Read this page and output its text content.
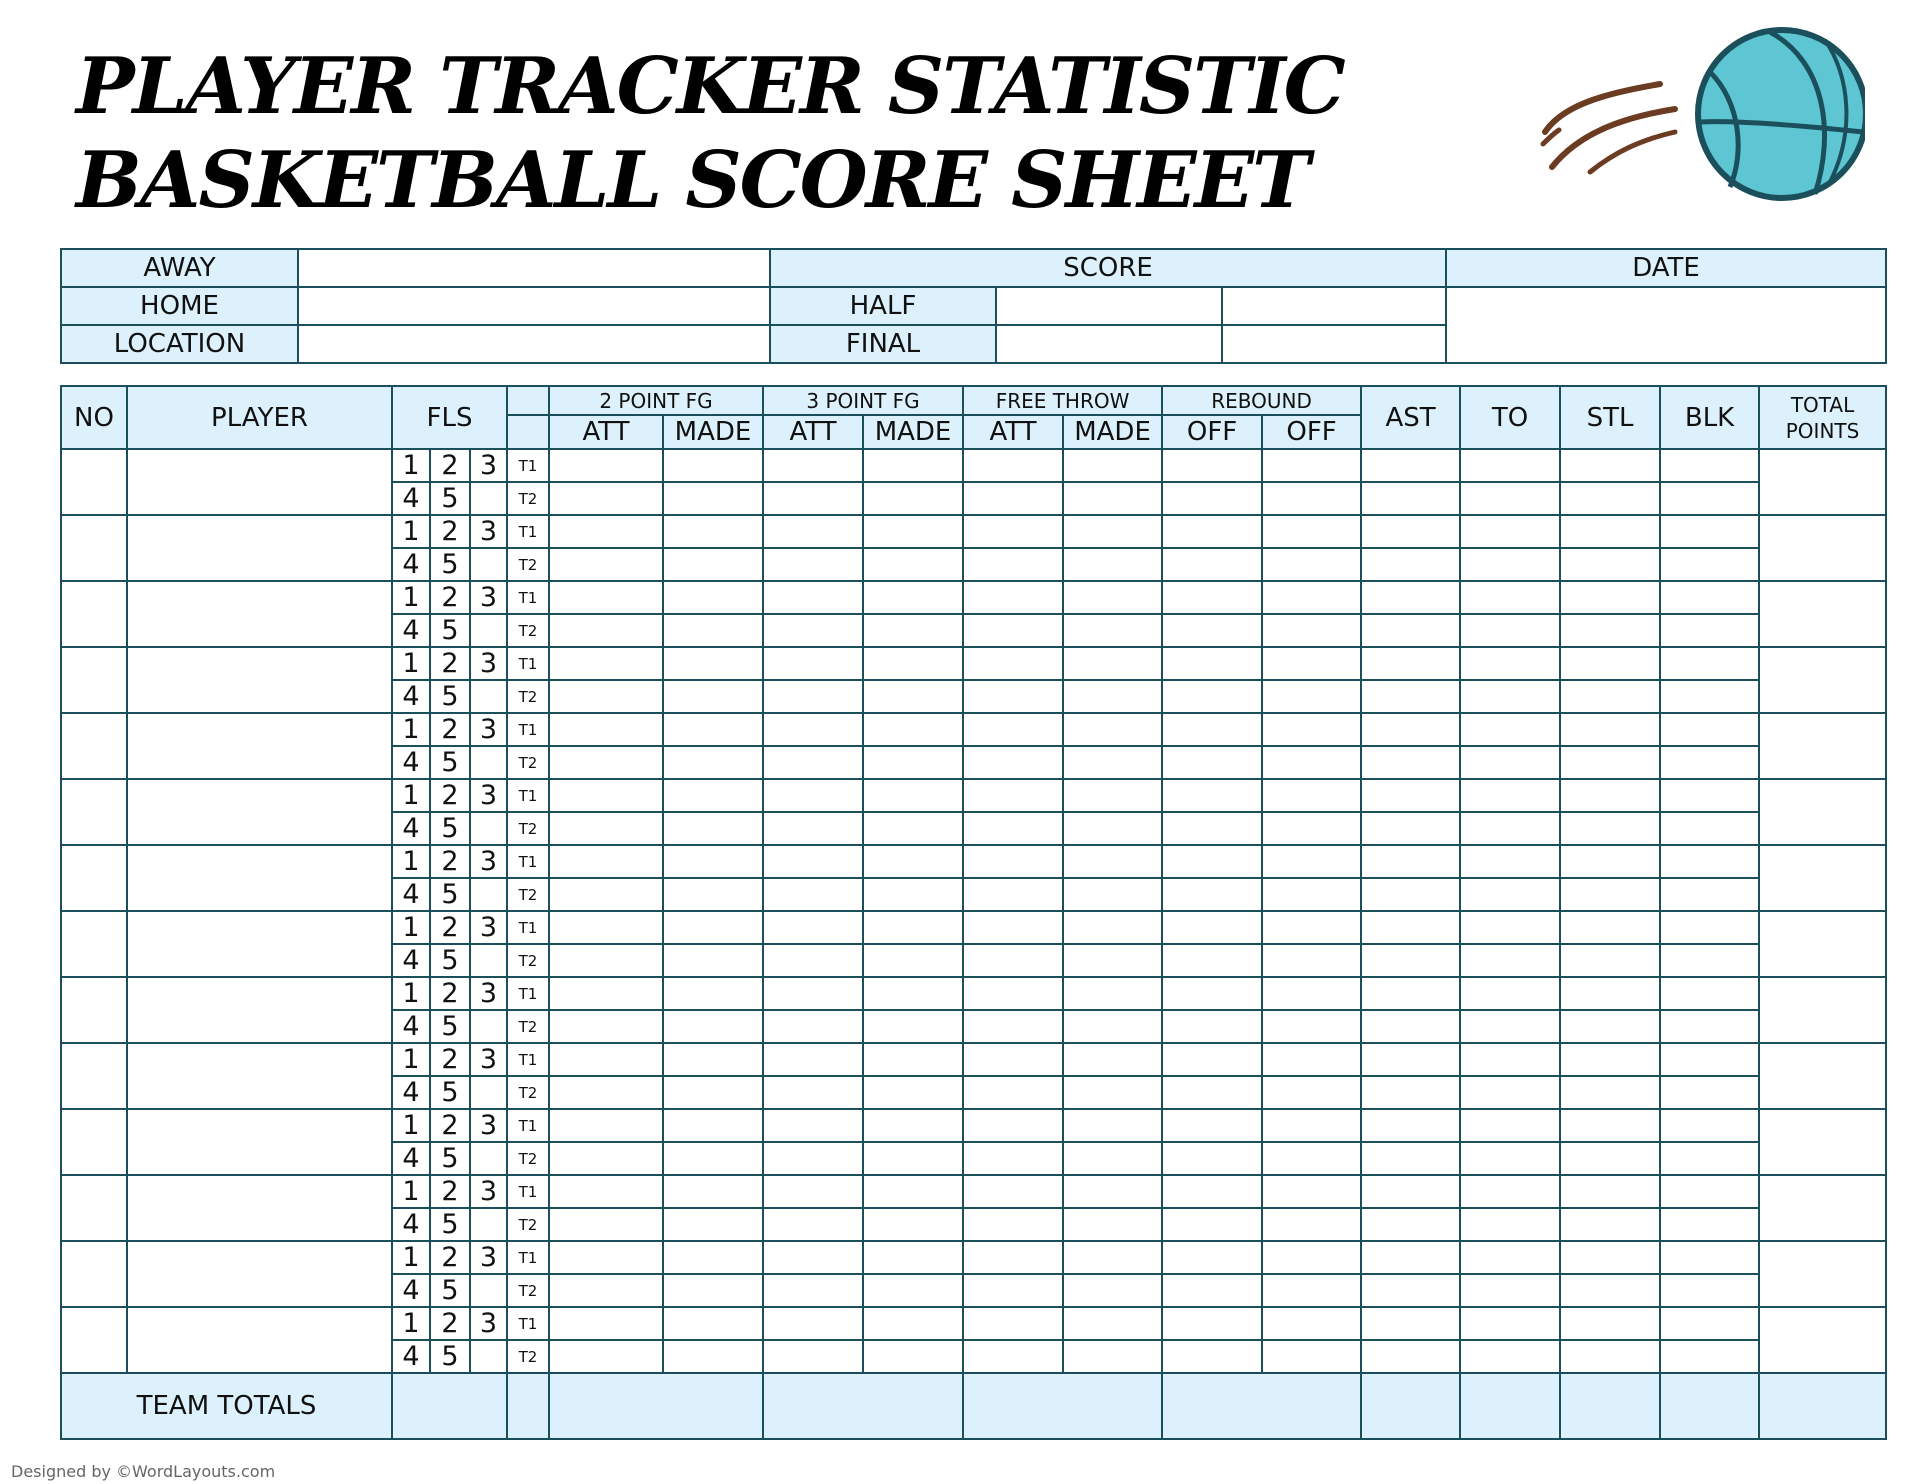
PLAYER TRACKER STATISTIC
BASKETBALL SCORE SHEET
AWAY		SCORE			DATE
HOME		HALF			
LOCATION		FINAL			
NO	PLAYER	FLS				2 POINT FG		3 POINT FG		FREE THROW		REBOUND		AST	TO	STL	BLK	TOTAL POINTS
						ATT	MADE	ATT	MADE	ATT	MADE	OFF	OFF					
		1	2	3	T1													
		4	5		T2													
		1	2	3	T1													
		4	5		T2													
		1	2	3	T1													
		4	5		T2													
		1	2	3	T1													
		4	5		T2													
		1	2	3	T1													
		4	5		T2													
		1	2	3	T1													
		4	5		T2													
		1	2	3	T1													
		4	5		T2													
		1	2	3	T1													
		4	5		T2													
		1	2	3	T1													
		4	5		T2													
		1	2	3	T1													
		4	5		T2													
		1	2	3	T1													
		4	5		T2													
		1	2	3	T1													
		4	5		T2													
		1	2	3	T1													
		4	5		T2													
		1	2	3	T1													
		4	5		T2													
TEAM TOTALS																		
Designed by ©WordLayouts.com
